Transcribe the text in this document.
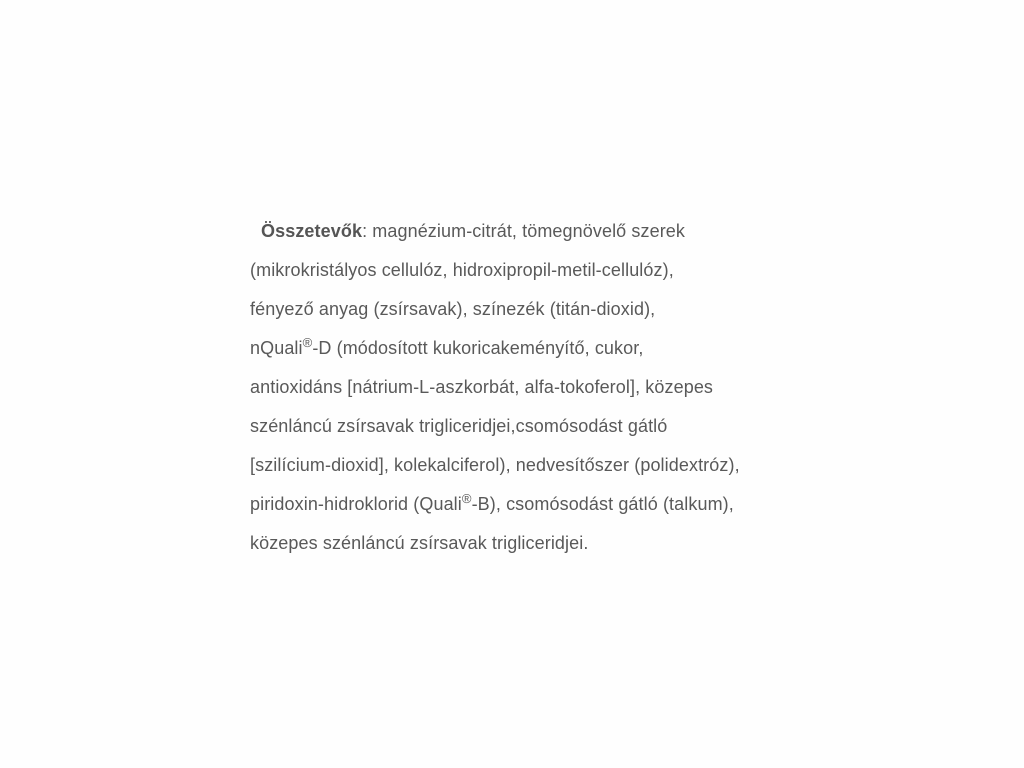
Összetevők: magnézium-citrát, tömegnövelő szerek
(mikrokristályos cellulóz, hidroxipropil-metil-cellulóz),
fényező anyag (zsírsavak), színezék (titán-dioxid),
nQuali®-D (módosított kukoricakeményítő, cukor,
antioxidáns [nátrium-L-aszkorbát, alfa-tokoferol], közepes
szénláncú zsírsavak trigliceridjei,csomósodást gátló
[szilícium-dioxid], kolekalciferol), nedvesítőszer (polidextróz),
piridoxin-hidroklorid (Quali®-B), csomósodást gátló (talkum),
közepes szénláncú zsírsavak trigliceridjei.
